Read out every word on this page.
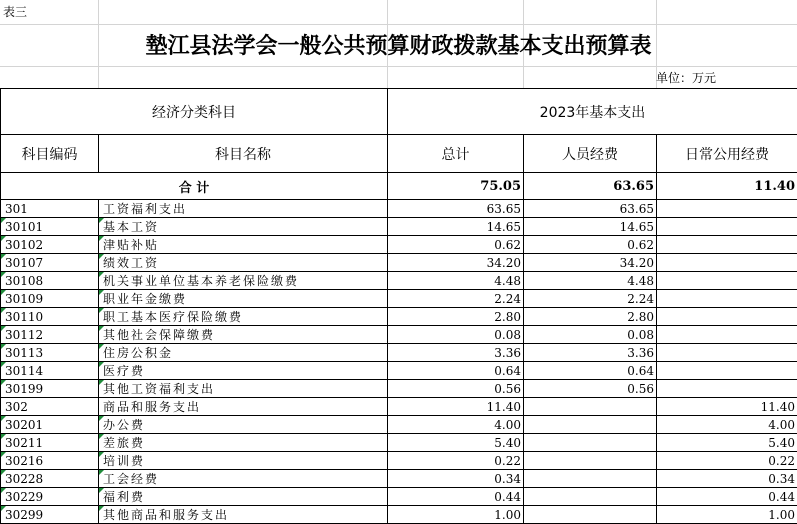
表三
墊江县法学会一般公共预算财政拨款基本支出预算表
单位：万元
经济分类科目		2023年基本支出		
科目编码	科目名称	总计	人员经费	日常公用经费
合 计		75.05	63.65	11.40
301	工资福利支出	63.65	63.65	
30101	基本工资	14.65	14.65	
30102	津贴补贴	0.62	0.62	
30107	绩效工资	34.20	34.20	
30108	机关事业单位基本养老保险缴费	4.48	4.48	
30109	职业年金缴费	2.24	2.24	
30110	职工基本医疗保险缴费	2.80	2.80	
30112	其他社会保障缴费	0.08	0.08	
30113	住房公积金	3.36	3.36	
30114	医疗费	0.64	0.64	
30199	其他工资福利支出	0.56	0.56	
302	商品和服务支出	11.40		11.40
30201	办公费	4.00		4.00
30211	差旅费	5.40		5.40
30216	培训费	0.22		0.22
30228	工会经费	0.34		0.34
30229	福利费	0.44		0.44
30299	其他商品和服务支出	1.00		1.00
